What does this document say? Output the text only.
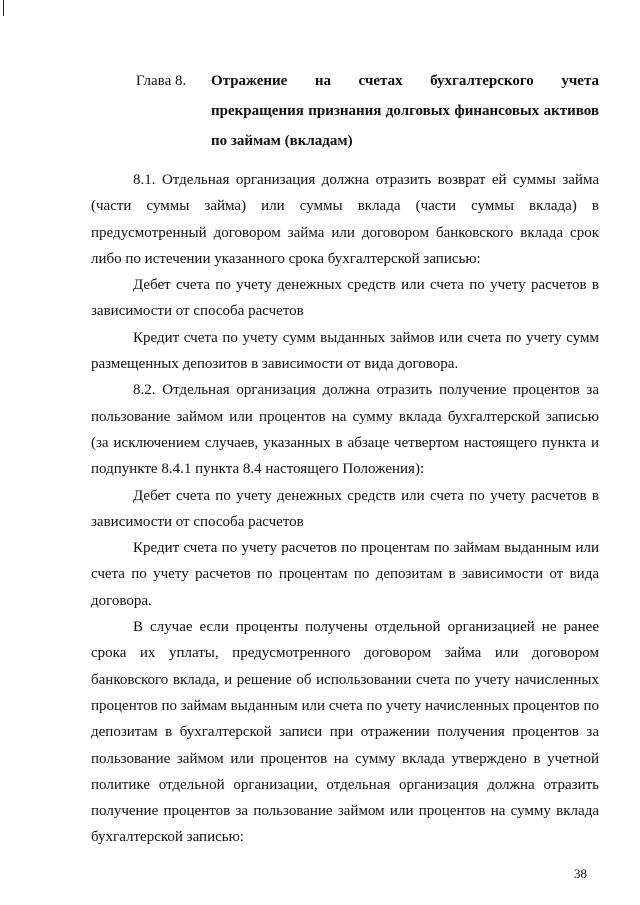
Глава 8. Отражение на счетах бухгалтерского учета прекращения признания долговых финансовых активов по займам (вкладам)

8.1. Отдельная организация должна отразить возврат ей суммы займа (части суммы займа) или суммы вклада (части суммы вклада) в предусмотренный договором займа или договором банковского вклада срок либо по истечении указанного срока бухгалтерской записью:

Дебет счета по учету денежных средств или счета по учету расчетов в зависимости от способа расчетов

Кредит счета по учету сумм выданных займов или счета по учету сумм размещенных депозитов в зависимости от вида договора.

8.2. Отдельная организация должна отразить получение процентов за пользование займом или процентов на сумму вклада бухгалтерской записью (за исключением случаев, указанных в абзаце четвертом настоящего пункта и подпункте 8.4.1 пункта 8.4 настоящего Положения):

Дебет счета по учету денежных средств или счета по учету расчетов в зависимости от способа расчетов

Кредит счета по учету расчетов по процентам по займам выданным или счета по учету расчетов по процентам по депозитам в зависимости от вида договора.

В случае если проценты получены отдельной организацией не ранее срока их уплаты, предусмотренного договором займа или договором банковского вклада, и решение об использовании счета по учету начисленных процентов по займам выданным или счета по учету начисленных процентов по депозитам в бухгалтерской записи при отражении получения процентов за пользование займом или процентов на сумму вклада утверждено в учетной политике отдельной организации, отдельная организация должна отразить получение процентов за пользование займом или процентов на сумму вклада бухгалтерской записью:

38
